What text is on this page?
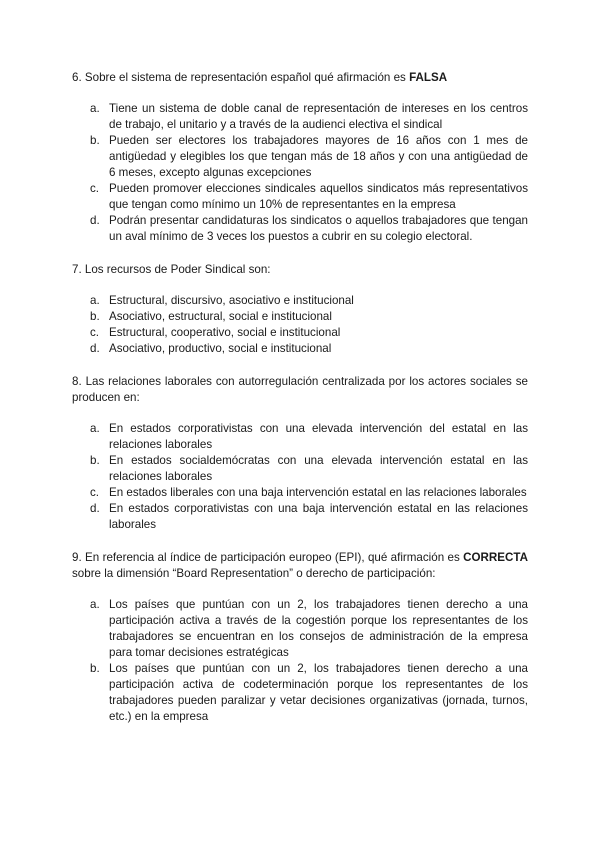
6. Sobre el sistema de representación español qué afirmación es FALSA

a. Tiene un sistema de doble canal de representación de intereses en los centros de trabajo, el unitario y a través de la audienci electiva el sindical
b. Pueden ser electores los trabajadores mayores de 16 años con 1 mes de antigüedad y elegibles los que tengan más de 18 años y con una antigüedad de 6 meses, excepto algunas excepciones
c. Pueden promover elecciones sindicales aquellos sindicatos más representativos que tengan como mínimo un 10% de representantes en la empresa
d. Podrán presentar candidaturas los sindicatos o aquellos trabajadores que tengan un aval mínimo de 3 veces los puestos a cubrir en su colegio electoral.

7. Los recursos de Poder Sindical son:

a. Estructural, discursivo, asociativo e institucional
b. Asociativo, estructural, social e institucional
c. Estructural, cooperativo, social e institucional
d. Asociativo, productivo, social e institucional

8. Las relaciones laborales con autorregulación centralizada por los actores sociales se producen en:

a. En estados corporativistas con una elevada intervención del estatal en las relaciones laborales
b. En estados socialdemócratas con una elevada intervención estatal en las relaciones laborales
c. En estados liberales con una baja intervención estatal en las relaciones laborales
d. En estados corporativistas con una baja intervención estatal en las relaciones laborales

9. En referencia al índice de participación europeo (EPI), qué afirmación es CORRECTA sobre la dimensión “Board Representation” o derecho de participación:

a. Los países que puntúan con un 2, los trabajadores tienen derecho a una participación activa a través de la cogestión porque los representantes de los trabajadores se encuentran en los consejos de administración de la empresa para tomar decisiones estratégicas
b. Los países que puntúan con un 2, los trabajadores tienen derecho a una participación activa de codeterminación porque los representantes de los trabajadores pueden paralizar y vetar decisiones organizativas (jornada, turnos, etc.) en la empresa
